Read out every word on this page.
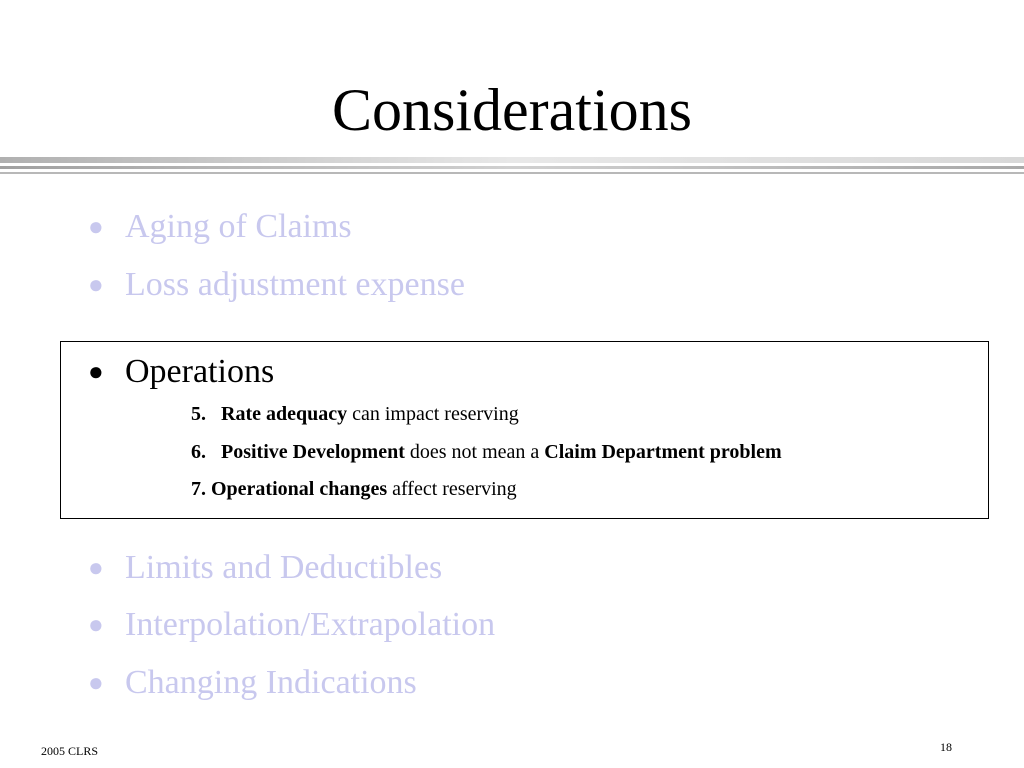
Considerations
● Aging of Claims
● Loss adjustment expense
● Operations
5. Rate adequacy can impact reserving
6. Positive Development does not mean a Claim Department problem
7. Operational changes affect reserving
● Limits and Deductibles
● Interpolation/Extrapolation
● Changing Indications
2005 CLRS	18
